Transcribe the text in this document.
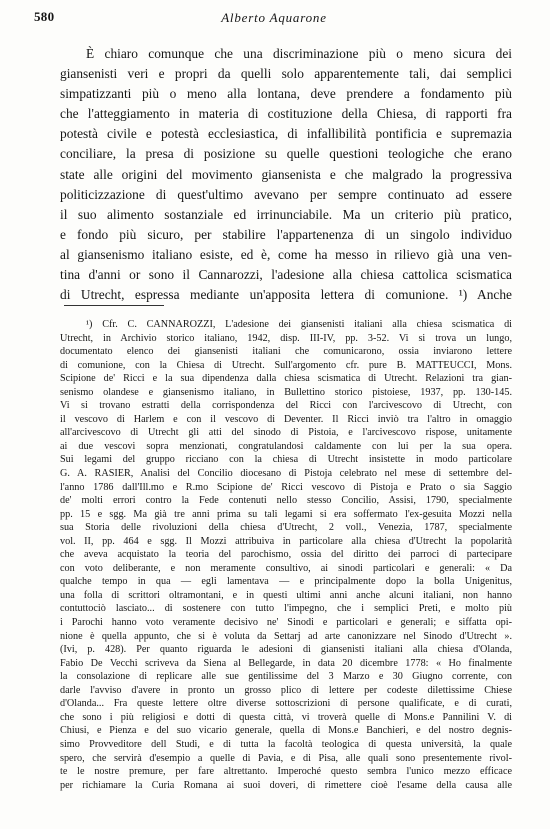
580	Alberto Aquarone
È chiaro comunque che una discriminazione più o meno sicura dei
giansenisti veri e propri da quelli solo apparentemente tali, dai semplici
simpatizzanti più o meno alla lontana, deve prendere a fondamento più
che l'atteggiamento in materia di costituzione della Chiesa, di rapporti fra
potestà civile e potestà ecclesiastica, di infallibilità pontificia e supremazia
conciliare, la presa di posizione su quelle questioni teologiche che erano
state alle origini del movimento giansenista e che malgrado la progressiva
politicizzazione di quest'ultimo avevano per sempre continuato ad essere
il suo alimento sostanziale ed irrinunciabile. Ma un criterio più pratico,
e fondo più sicuro, per stabilire l'appartenenza di un singolo individuo
al giansenismo italiano esiste, ed è, come ha messo in rilievo già una ven-
tina d'anni or sono il Cannarozzi, l'adesione alla chiesa cattolica scismatica
di Utrecht, espressa mediante un'apposita lettera di comunione. ¹) Anche
¹) Cfr. C. CANNAROZZI, L'adesione dei giansenisti italiani alla chiesa scismatica di
Utrecht, in Archivio storico italiano, 1942, disp. III-IV, pp. 3-52. Vi si trova un lungo,
documentato elenco dei giansenisti italiani che comunicarono, ossia inviarono lettere
di comunione, con la Chiesa di Utrecht. Sull'argomento cfr. pure B. MATTEUCCI, Mons.
Scipione de' Ricci e la sua dipendenza dalla chiesa scismatica di Utrecht. Relazioni tra gian-
senismo olandese e giansenismo italiano, in Bullettino storico pistoiese, 1937, pp. 130-145.
Vi si trovano estratti della corrispondenza del Ricci con l'arcivescovo di Utrecht, con
il vescovo di Harlem e con il vescovo di Deventer. Il Ricci inviò tra l'altro in omaggio
all'arcivescovo di Utrecht gli atti del sinodo di Pistoia, e l'arcivescovo rispose, unitamente
ai due vescovi sopra menzionati, congratulandosi caldamente con lui per la sua opera.
Sui legami del gruppo ricciano con la chiesa di Utrecht insistette in modo particolare
G. A. RASIER, Analisi del Concilio diocesano di Pistoja celebrato nel mese di settembre del-
l'anno 1786 dall'Ill.mo e R.mo Scipione de' Ricci vescovo di Pistoja e Prato o sia Saggio
de' molti errori contro la Fede contenuti nello stesso Concilio, Assisi, 1790, specialmente
pp. 15 e sgg. Ma già tre anni prima su tali legami si era soffermato l'ex-gesuita Mozzi nella
sua Storia delle rivoluzioni della chiesa d'Utrecht, 2 voll., Venezia, 1787, specialmente
vol. II, pp. 464 e sgg. Il Mozzi attribuiva in particolare alla chiesa d'Utrecht la popolarità
che aveva acquistato la teoria del parochismo, ossia del diritto dei parroci di partecipare
con voto deliberante, e non meramente consultivo, ai sinodi particolari e generali: « Da
qualche tempo in qua — egli lamentava — e principalmente dopo la bolla Unigenitus,
una folla di scrittori oltramontani, e in questi ultimi anni anche alcuni italiani, non hanno
contuttociò lasciato... di sostenere con tutto l'impegno, che i semplici Preti, e molto più
i Parochi hanno voto veramente decisivo ne' Sinodi e particolari e generali; e siffatta opi-
nione è quella appunto, che si è voluta da Settarj ad arte canonizzare nel Sinodo d'Utrecht ».
(Ivi, p. 428). Per quanto riguarda le adesioni di giansenisti italiani alla chiesa d'Olanda,
Fabio De Vecchi scriveva da Siena al Bellegarde, in data 20 dicembre 1778: « Ho finalmente
la consolazione di replicare alle sue gentilissime del 3 Marzo e 30 Giugno corrente, con
darle l'avviso d'avere in pronto un grosso plico di lettere per codeste dilettissime Chiese
d'Olanda... Fra queste lettere oltre diverse sottoscrizioni di persone qualificate, e di curati,
che sono i più religiosi e dotti di questa città, vi troverà quelle di Mons.e Pannilini V. di
Chiusi, e Pienza e del suo vicario generale, quella di Mons.e Banchieri, e del nostro degnis-
simo Provveditore dell Studi, e di tutta la facoltà teologica di questa università, la quale
spero, che servirà d'esempio a quelle di Pavia, e di Pisa, alle quali sono presentemente rivol-
te le nostre premure, per fare altrettanto. Imperoché questo sembra l'unico mezzo efficace
per richiamare la Curia Romana ai suoi doveri, di rimettere cioè l'esame della causa alle
